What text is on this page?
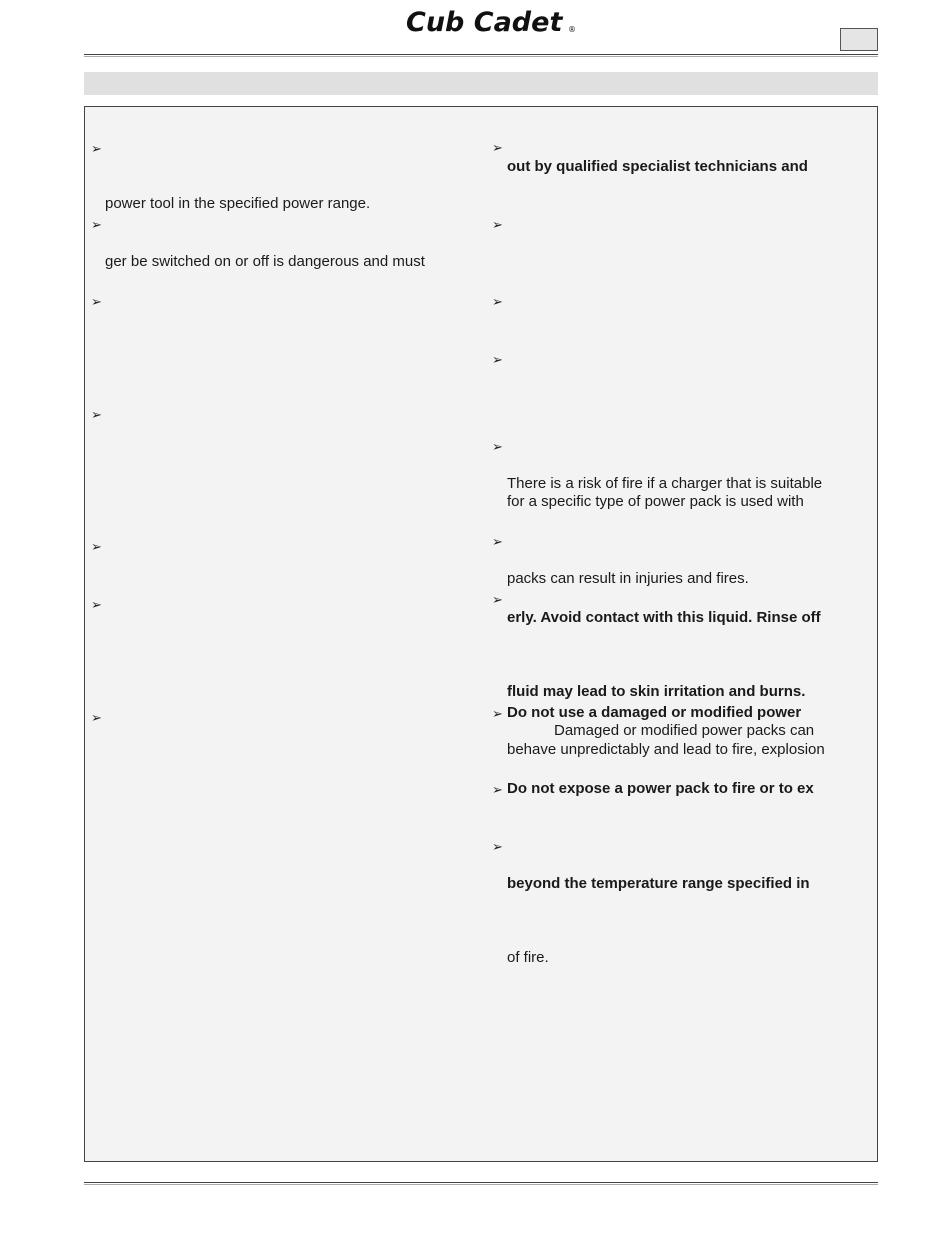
Cub Cadet ®
➢
power tool in the specified power range.
➢
ger be switched on or off is dangerous and must
➢
➢
➢
➢
➢
➢
out by qualified specialist technicians and
➢
➢
➢
➢
There is a risk of fire if a charger that is suitable
for a specific type of power pack is used with
➢
packs can result in injuries and fires.
➢
erly. Avoid contact with this liquid. Rinse off
fluid may lead to skin irritation and burns.
➢ Do not use a damaged or modified power
Damaged or modified power packs can
behave unpredictably and lead to fire, explosion
➢ Do not expose a power pack to fire or to ex
➢
beyond the temperature range specified in
of fire.
